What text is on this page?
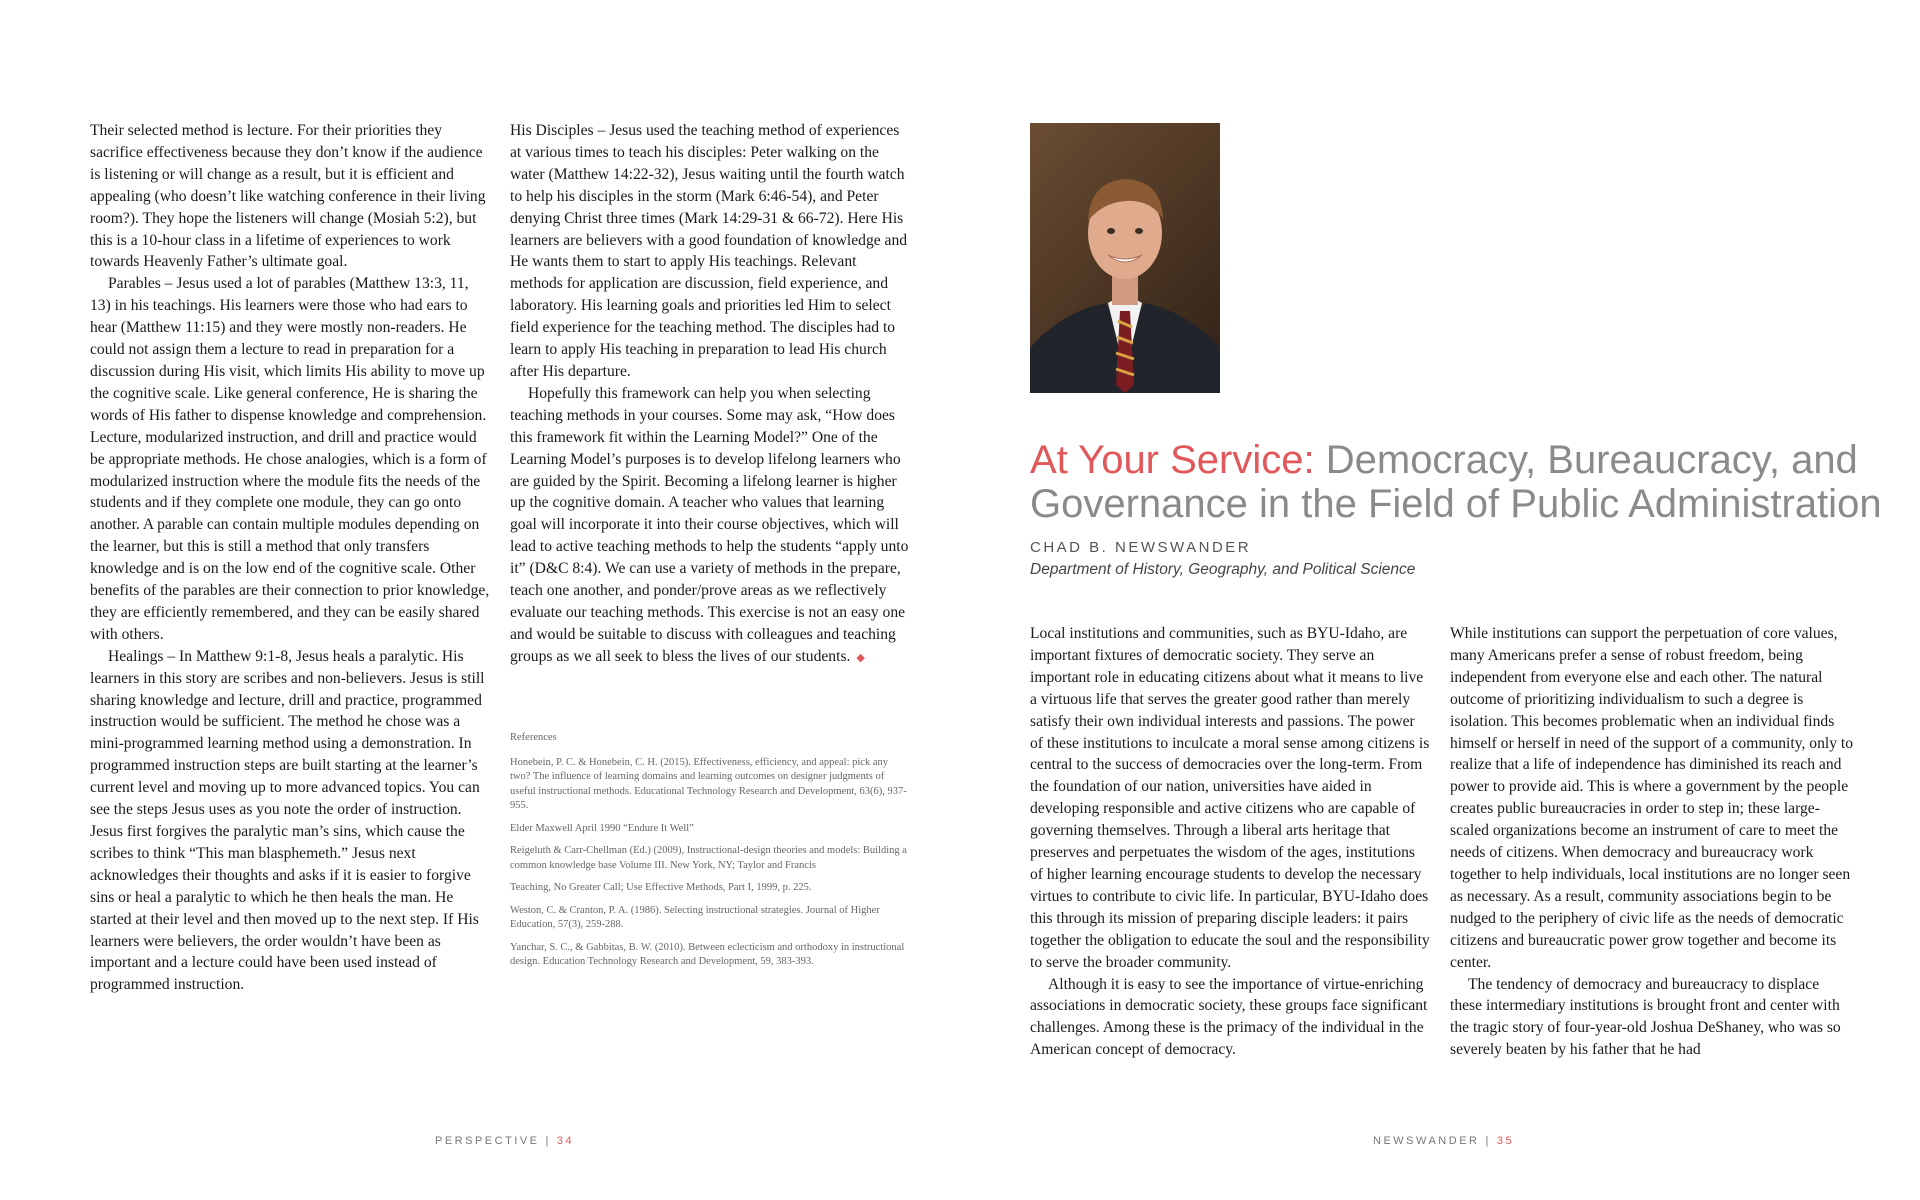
Their selected method is lecture. For their priorities they sacrifice effectiveness because they don’t know if the audience is listening or will change as a result, but it is efficient and appealing (who doesn’t like watching conference in their living room?). They hope the listeners will change (Mosiah 5:2), but this is a 10-hour class in a lifetime of experiences to work towards Heavenly Father’s ultimate goal.

Parables – Jesus used a lot of parables (Matthew 13:3, 11, 13) in his teachings. His learners were those who had ears to hear (Matthew 11:15) and they were mostly non-readers. He could not assign them a lecture to read in preparation for a discussion during His visit, which limits His ability to move up the cognitive scale. Like general conference, He is sharing the words of His father to dispense knowledge and comprehension. Lecture, modularized instruction, and drill and practice would be appropriate methods. He chose analogies, which is a form of modularized instruction where the module fits the needs of the students and if they complete one module, they can go onto another. A parable can contain multiple modules depending on the learner, but this is still a method that only transfers knowledge and is on the low end of the cognitive scale. Other benefits of the parables are their connection to prior knowledge, they are efficiently remembered, and they can be easily shared with others.

Healings – In Matthew 9:1-8, Jesus heals a paralytic. His learners in this story are scribes and non-believers. Jesus is still sharing knowledge and lecture, drill and practice, programmed instruction would be sufficient. The method he chose was a mini-programmed learning method using a demonstration. In programmed instruction steps are built starting at the learner’s current level and moving up to more advanced topics. You can see the steps Jesus uses as you note the order of instruction. Jesus first forgives the paralytic man’s sins, which cause the scribes to think “This man blasphemeth.” Jesus next acknowledges their thoughts and asks if it is easier to forgive sins or heal a paralytic to which he then heals the man. He started at their level and then moved up to the next step. If His learners were believers, the order wouldn’t have been as important and a lecture could have been used instead of programmed instruction.

His Disciples – Jesus used the teaching method of experiences at various times to teach his disciples: Peter walking on the water (Matthew 14:22-32), Jesus waiting until the fourth watch to help his disciples in the storm (Mark 6:46-54), and Peter denying Christ three times (Mark 14:29-31 & 66-72). Here His learners are believers with a good foundation of knowledge and He wants them to start to apply His teachings. Relevant methods for application are discussion, field experience, and laboratory. His learning goals and priorities led Him to select field experience for the teaching method. The disciples had to learn to apply His teaching in preparation to lead His church after His departure.

Hopefully this framework can help you when selecting teaching methods in your courses. Some may ask, “How does this framework fit within the Learning Model?” One of the Learning Model’s purposes is to develop lifelong learners who are guided by the Spirit. Becoming a lifelong learner is higher up the cognitive domain. A teacher who values that learning goal will incorporate it into their course objectives, which will lead to active teaching methods to help the students “apply unto it” (D&C 8:4). We can use a variety of methods in the prepare, teach one another, and ponder/prove areas as we reflectively evaluate our teaching methods. This exercise is not an easy one and would be suitable to discuss with colleagues and teaching groups as we all seek to bless the lives of our students. ◆

References
Honebein, P. C. & Honebein, C. H. (2015). Effectiveness, efficiency, and appeal: pick any two? The influence of learning domains and learning outcomes on designer judgments of useful instructional methods. Educational Technology Research and Development, 63(6), 937-955.
Elder Maxwell April 1990 “Endure It Well”
Reigeluth & Carr-Chellman (Ed.) (2009), Instructional-design theories and models: Building a common knowledge base Volume III. New York, NY; Taylor and Francis
Teaching, No Greater Call; Use Effective Methods, Part I, 1999, p. 225.
Weston, C. & Cranton, P. A. (1986). Selecting instructional strategies. Journal of Higher Education, 57(3), 259-288.
Yanchar, S. C., & Gabbitas, B. W. (2010). Between eclecticism and orthodoxy in instructional design. Education Technology Research and Development, 59, 383-393.
PERSPECTIVE | 34
At Your Service: Democracy, Bureaucracy, and Governance in the Field of Public Administration
CHAD B. NEWSWANDER
Department of History, Geography, and Political Science

Local institutions and communities, such as BYU-Idaho, are important fixtures of democratic society. They serve an important role in educating citizens about what it means to live a virtuous life that serves the greater good rather than merely satisfy their own individual interests and passions. The power of these institutions to inculcate a moral sense among citizens is central to the success of democracies over the long-term. From the foundation of our nation, universities have aided in developing responsible and active citizens who are capable of governing themselves. Through a liberal arts heritage that preserves and perpetuates the wisdom of the ages, institutions of higher learning encourage students to develop the necessary virtues to contribute to civic life. In particular, BYU-Idaho does this through its mission of preparing disciple leaders: it pairs together the obligation to educate the soul and the responsibility to serve the broader community.

Although it is easy to see the importance of virtue-enriching associations in democratic society, these groups face significant challenges. Among these is the primacy of the individual in the American concept of democracy.

While institutions can support the perpetuation of core values, many Americans prefer a sense of robust freedom, being independent from everyone else and each other. The natural outcome of prioritizing individualism to such a degree is isolation. This becomes problematic when an individual finds himself or herself in need of the support of a community, only to realize that a life of independence has diminished its reach and power to provide aid. This is where a government by the people creates public bureaucracies in order to step in; these large-scaled organizations become an instrument of care to meet the needs of citizens. When democracy and bureaucracy work together to help individuals, local institutions are no longer seen as necessary. As a result, community associations begin to be nudged to the periphery of civic life as the needs of democratic citizens and bureaucratic power grow together and become its center.

The tendency of democracy and bureaucracy to displace these intermediary institutions is brought front and center with the tragic story of four-year-old Joshua DeShaney, who was so severely beaten by his father that he had

NEWSWANDER | 35
